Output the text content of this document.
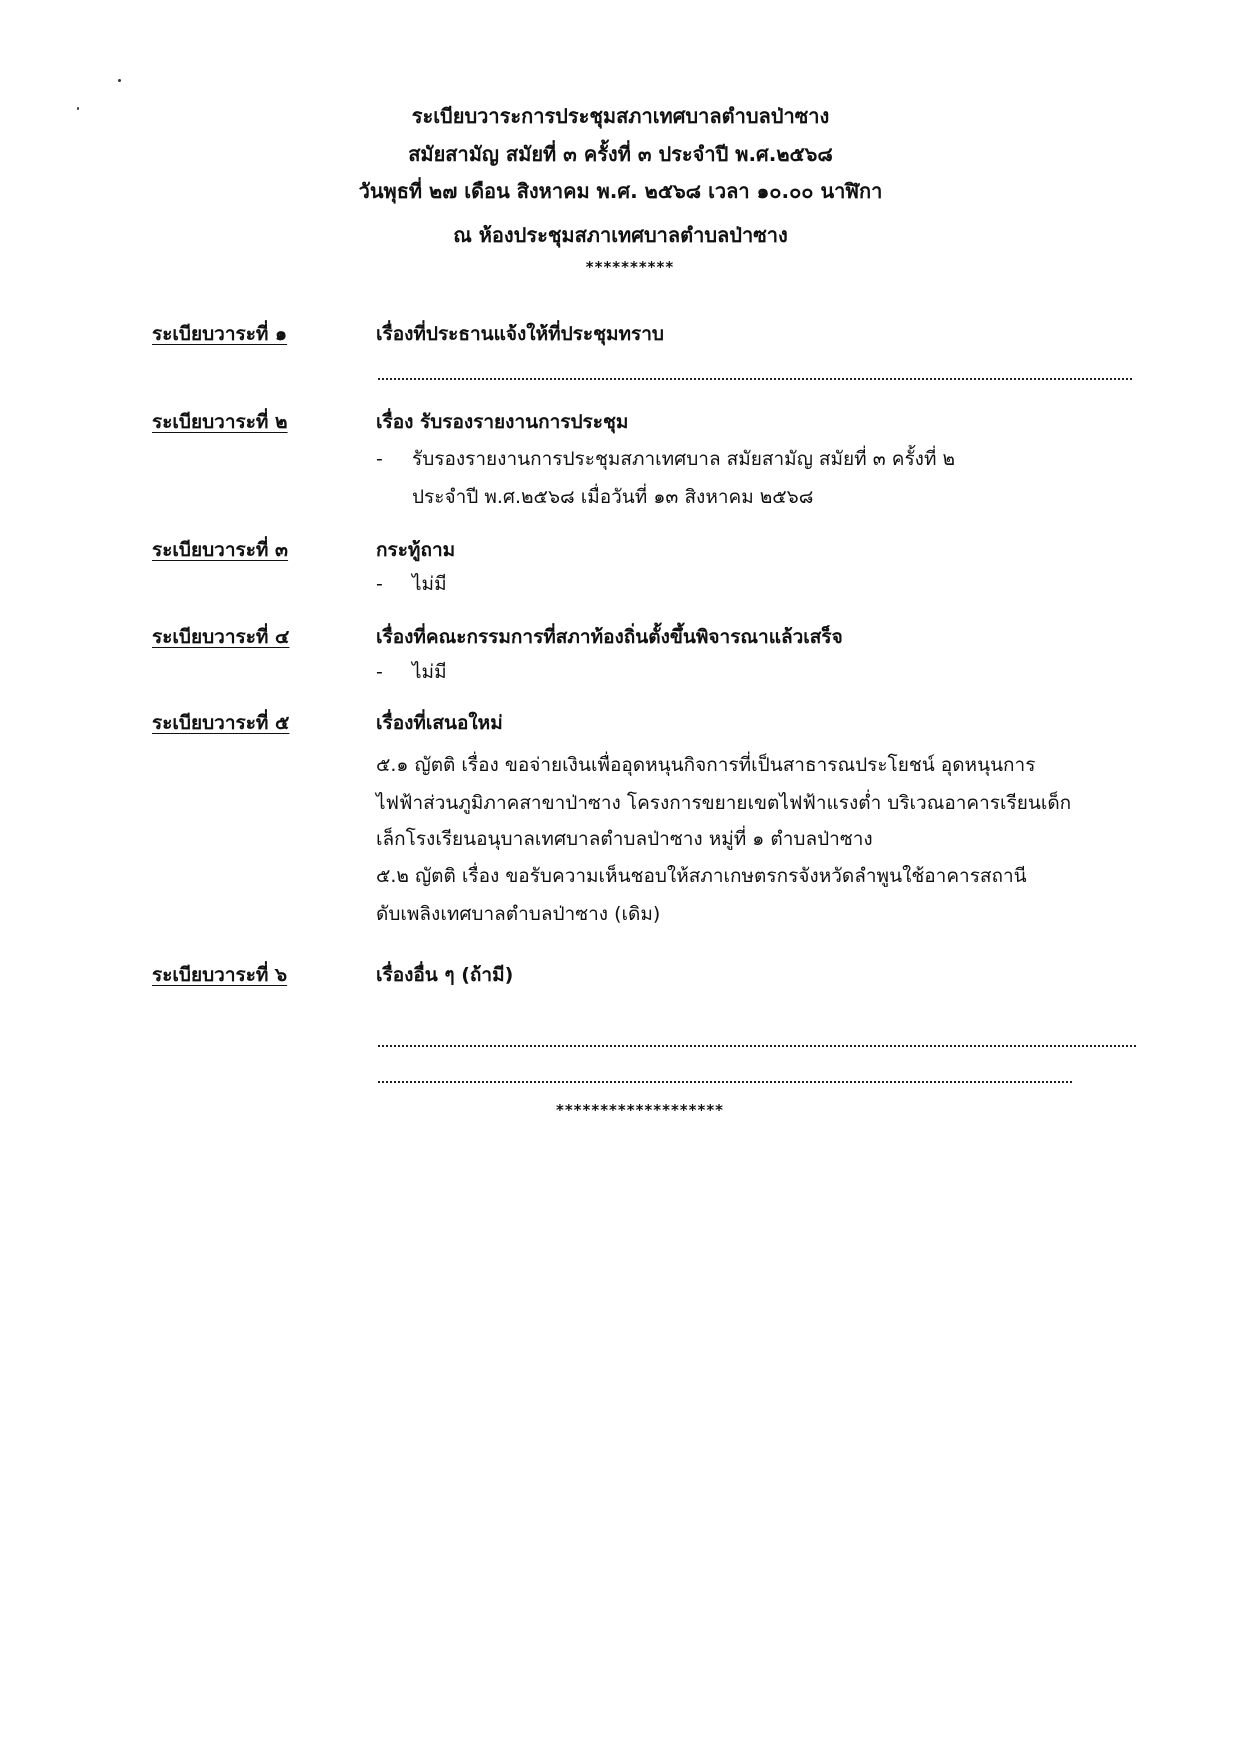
ระเบียบวาระการประชุมสภาเทศบาลตำบลป่าซาง
สมัยสามัญ สมัยที่ ๓ ครั้งที่ ๓ ประจำปี พ.ศ.๒๕๖๘
วันพุธที่ ๒๗ เดือน สิงหาคม พ.ศ. ๒๕๖๘ เวลา ๑๐.๐๐ นาฬิกา
ณ ห้องประชุมสภาเทศบาลตำบลป่าซาง
**********
ระเบียบวาระที่ ๑	เรื่องที่ประธานแจ้งให้ที่ประชุมทราบ
ระเบียบวาระที่ ๒	เรื่อง รับรองรายงานการประชุม
- รับรองรายงานการประชุมสภาเทศบาล สมัยสามัญ สมัยที่ ๓ ครั้งที่ ๒
ประจำปี พ.ศ.๒๕๖๘ เมื่อวันที่ ๑๓ สิงหาคม ๒๕๖๘
ระเบียบวาระที่ ๓	กระทู้ถาม
- ไม่มี
ระเบียบวาระที่ ๔	เรื่องที่คณะกรรมการที่สภาท้องถิ่นตั้งขึ้นพิจารณาแล้วเสร็จ
- ไม่มี
ระเบียบวาระที่ ๕	เรื่องที่เสนอใหม่
๕.๑ ญัตติ เรื่อง ขอจ่ายเงินเพื่ออุดหนุนกิจการที่เป็นสาธารณประโยชน์ อุดหนุนการ
ไฟฟ้าส่วนภูมิภาคสาขาป่าซาง โครงการขยายเขตไฟฟ้าแรงต่ำ บริเวณอาคารเรียนเด็ก
เล็กโรงเรียนอนุบาลเทศบาลตำบลป่าซาง หมู่ที่ ๑ ตำบลป่าซาง
๕.๒ ญัตติ เรื่อง ขอรับความเห็นชอบให้สภาเกษตรกรจังหวัดลำพูนใช้อาคารสถานี
ดับเพลิงเทศบาลตำบลป่าซาง (เดิม)
ระเบียบวาระที่ ๖	เรื่องอื่น ๆ (ถ้ามี)
*******************
